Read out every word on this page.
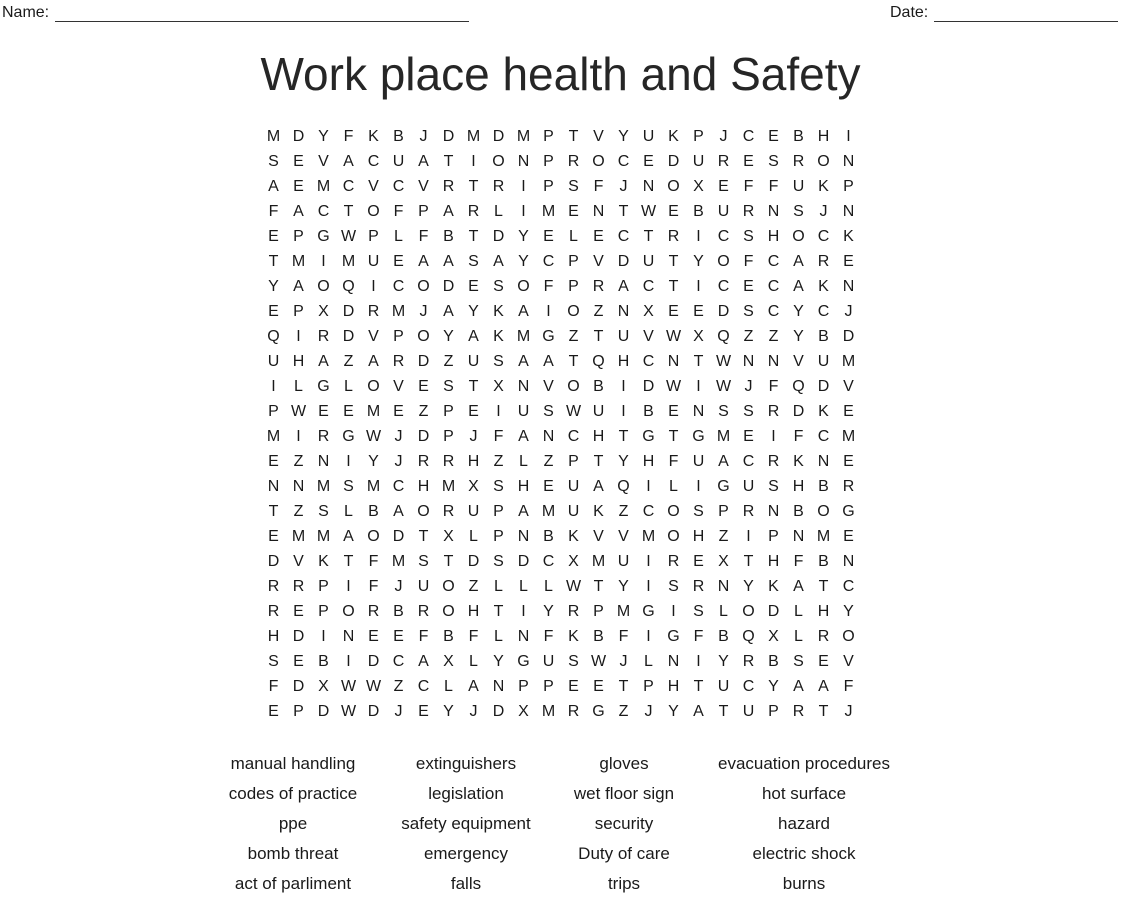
Name:	Date:
Work place health and Safety
M D Y F K B J D M D M P T V Y U K P J C E B H	I
S E V A C U A T	I	O N P R O C E D U R E S R O N
A E M C V C V R T R	I	P S F	J N O X E F F U K P
F A C T O F P A R L	I	M E N T W E B U R N S J N
E P G W P L F B T D Y E L E C T R	I	C S H O C K
T M	I	M U E A A S A Y C P V D U T Y O F C A R E
Y A O Q	I	C O D E S O F P R A C T	I	C E C A K N
E P X D R M J A Y K A	I	O Z N X E E D S C Y C J
Q	I	R D V P O Y A K M G Z T U V W X Q Z Z Y B D
U H A Z A R D Z U S A A T Q H C N T W N N V U M
I	L G L O V E S T X N V O B	I	D W I W J	F Q D V
P W E E M E Z P E	I	U S W U	I	B E N S S R D K E
M	I	R G W J D P J	F A N C H T G T G M E	I	F C M
E Z N	I	Y J R R H Z L Z P T Y H F U A C R K N E
N N M S M C H M X S H E U A Q	I	L	I	G U S H B R
T Z S L B A O R U P A M U K Z C O S P R N B O G
E M M A O D T X L P N B K V V M O H Z	I	P N M E
D V K T F M S T D S D C X M U	I	R E X T H F B N
R R P	I	F	J U O Z L	L	L W T Y	I	S R N Y K A T C
R E P O R B R O H T	I	Y R P M G	I	S L O D L H Y
H D	I	N E E F B F L N F K B F	I	G F B Q X L R O
S E B	I	D C A X L Y G U S W J	L N	I	Y R B S E V
F D X W W Z C L A N P P E E T P H T U C Y A A F
E P D W D J E Y J D X M R G Z	J Y A T U P R T	J
manual handling	extinguishers	gloves	evacuation procedures
codes of practice	legislation	wet floor sign	hot surface
ppe	safety equipment	security	hazard
bomb threat	emergency	Duty of care	electric shock
act of parliment	falls	trips	burns
